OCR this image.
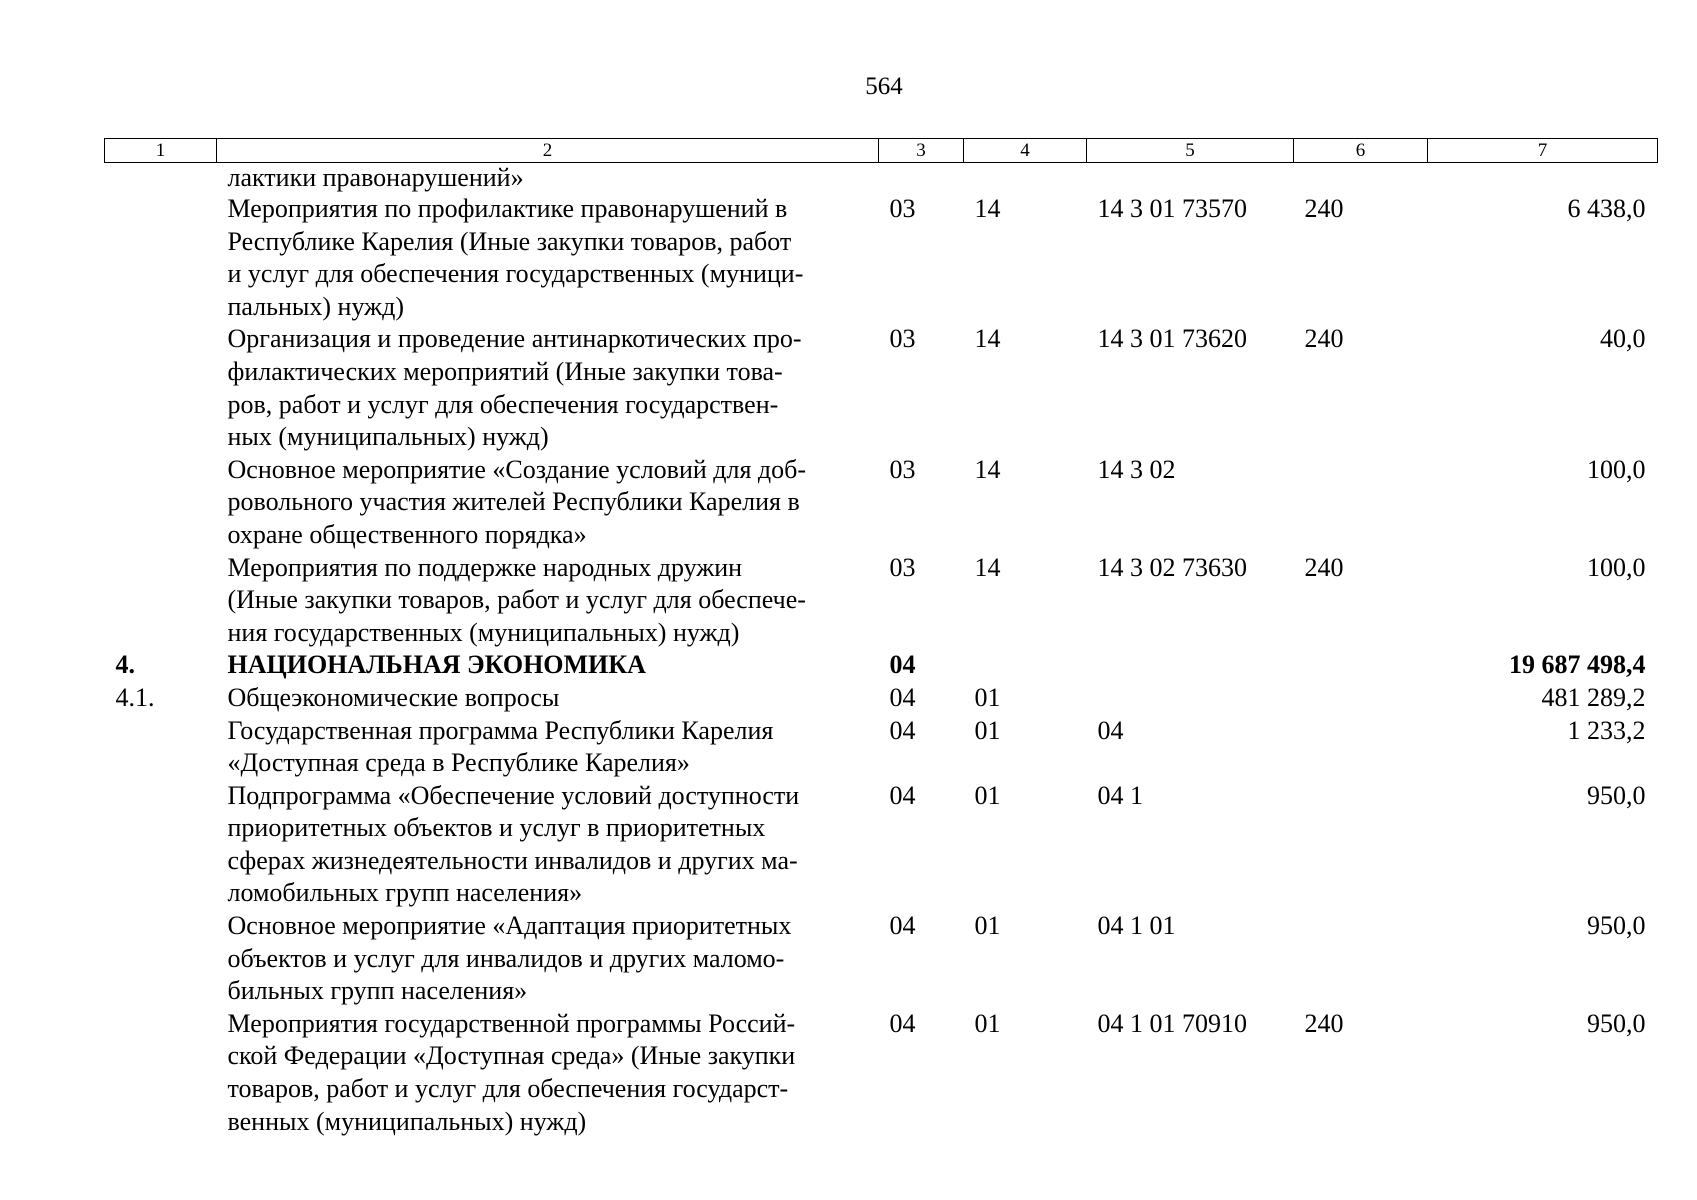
564
1	2	3	4	5	6	7
	лактики правонарушений»					
	Мероприятия по профилактике правонарушений в
Республике Карелия (Иные закупки товаров, работ
и услуг для обеспечения государственных (муници-
пальных) нужд)	03	14	14 3 01 73570	240	6 438,0
	Организация и проведение антинаркотических про-
филактических мероприятий (Иные закупки това-
ров, работ и услуг для обеспечения государствен-
ных (муниципальных) нужд)	03	14	14 3 01 73620	240	40,0
	Основное мероприятие «Создание условий для доб-
ровольного участия жителей Республики Карелия в
охране общественного порядка»	03	14	14 3 02		100,0
	Мероприятия по поддержке народных дружин
(Иные закупки товаров, работ и услуг для обеспече-
ния государственных (муниципальных) нужд)	03	14	14 3 02 73630	240	100,0
4.	НАЦИОНАЛЬНАЯ ЭКОНОМИКА	04				19 687 498,4
4.1.	Общеэкономические вопросы	04	01			481 289,2
	Государственная программа Республики Карелия
«Доступная среда в Республике Карелия»	04	01	04		1 233,2
	Подпрограмма «Обеспечение условий доступности
приоритетных объектов и услуг в приоритетных
сферах жизнедеятельности инвалидов и других ма-
ломобильных групп населения»	04	01	04 1		950,0
	Основное мероприятие «Адаптация приоритетных
объектов и услуг для инвалидов и других маломо-
бильных групп населения»	04	01	04 1 01		950,0
	Мероприятия государственной программы Россий-
ской Федерации «Доступная среда» (Иные закупки
товаров, работ и услуг для обеспечения государст-
венных (муниципальных) нужд)	04	01	04 1 01 70910	240	950,0
